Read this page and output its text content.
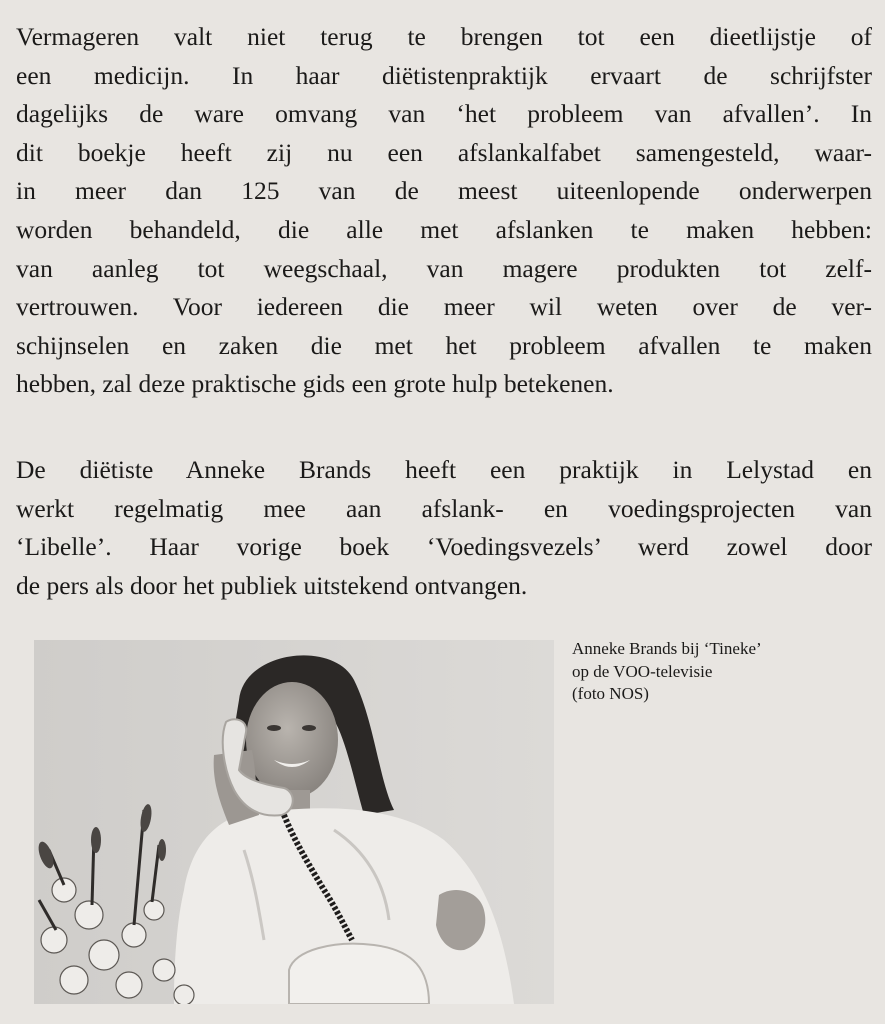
Vermageren valt niet terug te brengen tot een dieetlijstje of
een medicijn. In haar diëtistenpraktijk ervaart de schrijfster
dagelijks de ware omvang van ‘het probleem van afvallen’. In
dit boekje heeft zij nu een afslankalfabet samengesteld, waar-
in meer dan 125 van de meest uiteenlopende onderwerpen
worden behandeld, die alle met afslanken te maken hebben:
van aanleg tot weegschaal, van magere produkten tot zelf-
vertrouwen. Voor iedereen die meer wil weten over de ver-
schijnselen en zaken die met het probleem afvallen te maken
hebben, zal deze praktische gids een grote hulp betekenen.

De diëtiste Anneke Brands heeft een praktijk in Lelystad en
werkt regelmatig mee aan afslank- en voedingsprojecten van
‘Libelle’. Haar vorige boek ‘Voedingsvezels’ werd zowel door
de pers als door het publiek uitstekend ontvangen.

Anneke Brands bij ‘Tineke’
op de VOO-televisie
(foto NOS)
